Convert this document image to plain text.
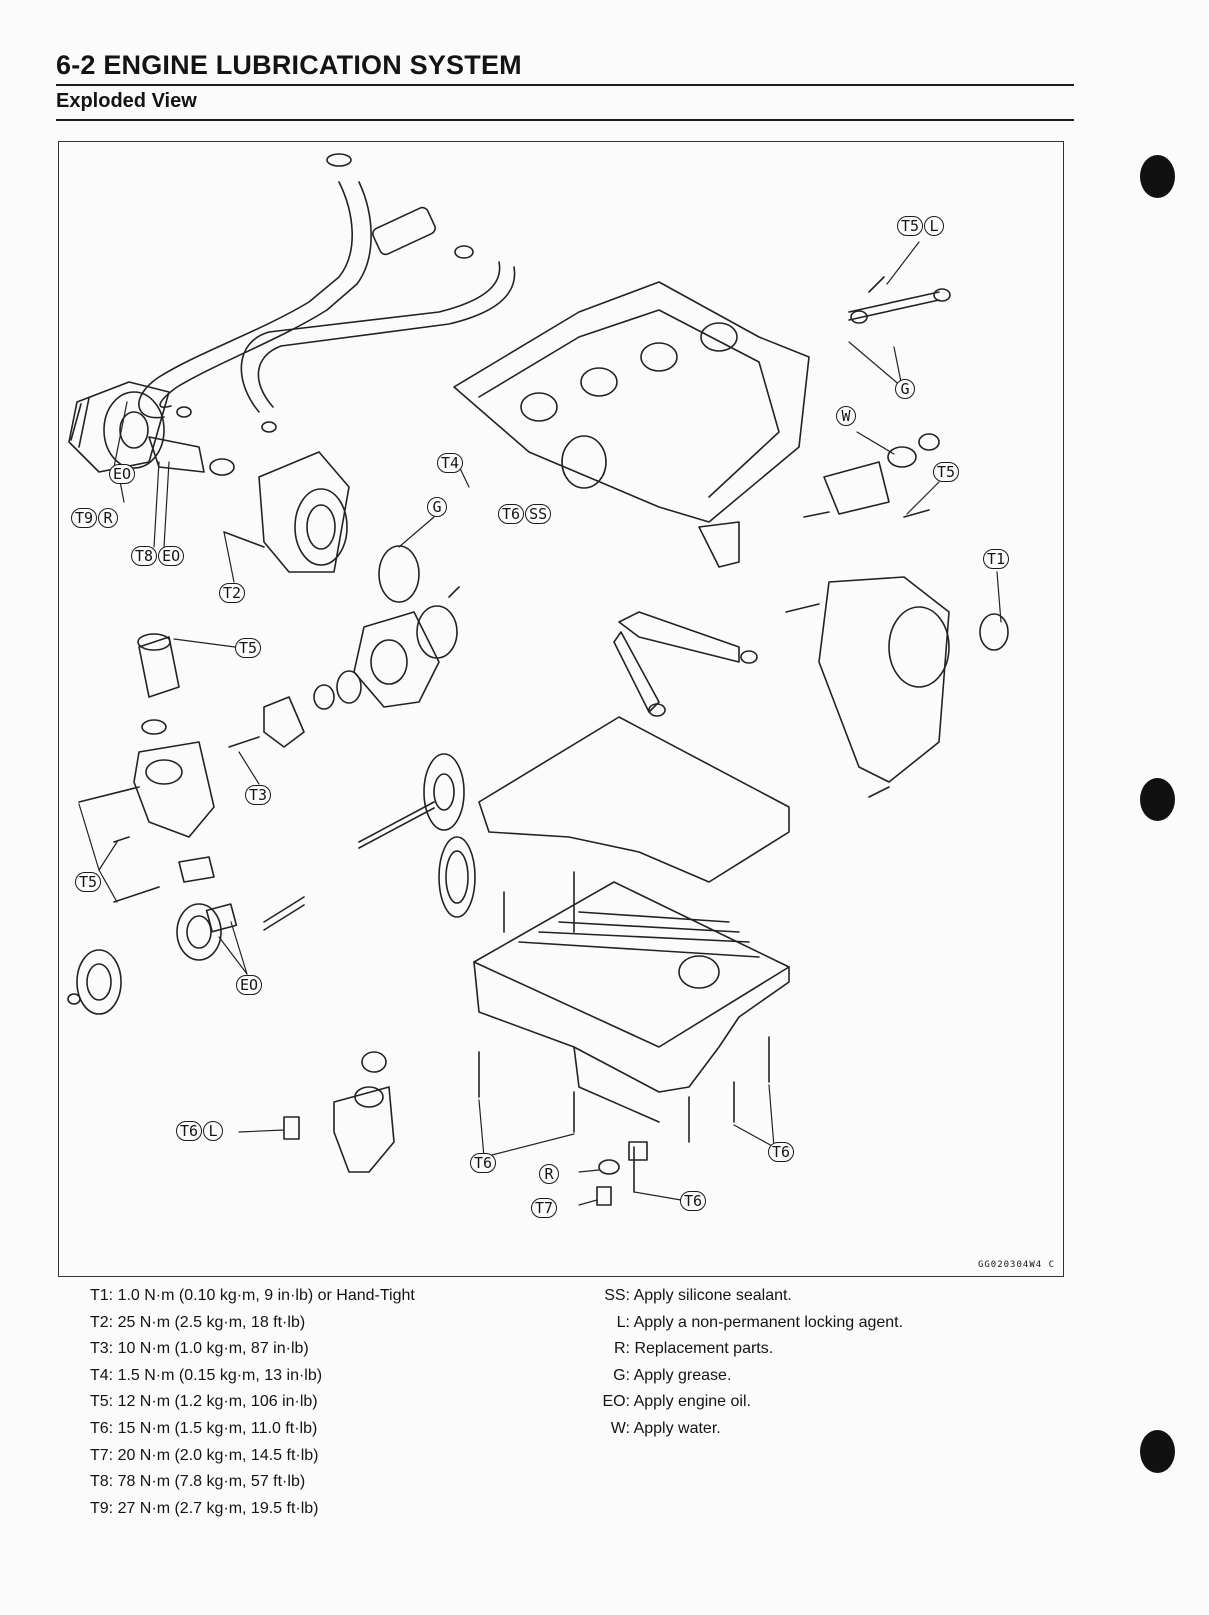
6-2 ENGINE LUBRICATION SYSTEM
Exploded View
T5 L
G
W
T5
T1
T4
T6 SS
G
EO
T9 R
T8 EO
T2
T5
T3
T5
EO
T6 L
T6
T6
R
T6
T7
GG020304W4 C
T1: 1.0 N·m (0.10 kg·m, 9 in·lb) or Hand-Tight
T2: 25 N·m (2.5 kg·m, 18 ft·lb)
T3: 10 N·m (1.0 kg·m, 87 in·lb)
T4: 1.5 N·m (0.15 kg·m, 13 in·lb)
T5: 12 N·m (1.2 kg·m, 106 in·lb)
T6: 15 N·m (1.5 kg·m, 11.0 ft·lb)
T7: 20 N·m (2.0 kg·m, 14.5 ft·lb)
T8: 78 N·m (7.8 kg·m, 57 ft·lb)
T9: 27 N·m (2.7 kg·m, 19.5 ft·lb)
SS: Apply silicone sealant.
L: Apply a non-permanent locking agent.
R: Replacement parts.
G: Apply grease.
EO: Apply engine oil.
W: Apply water.
